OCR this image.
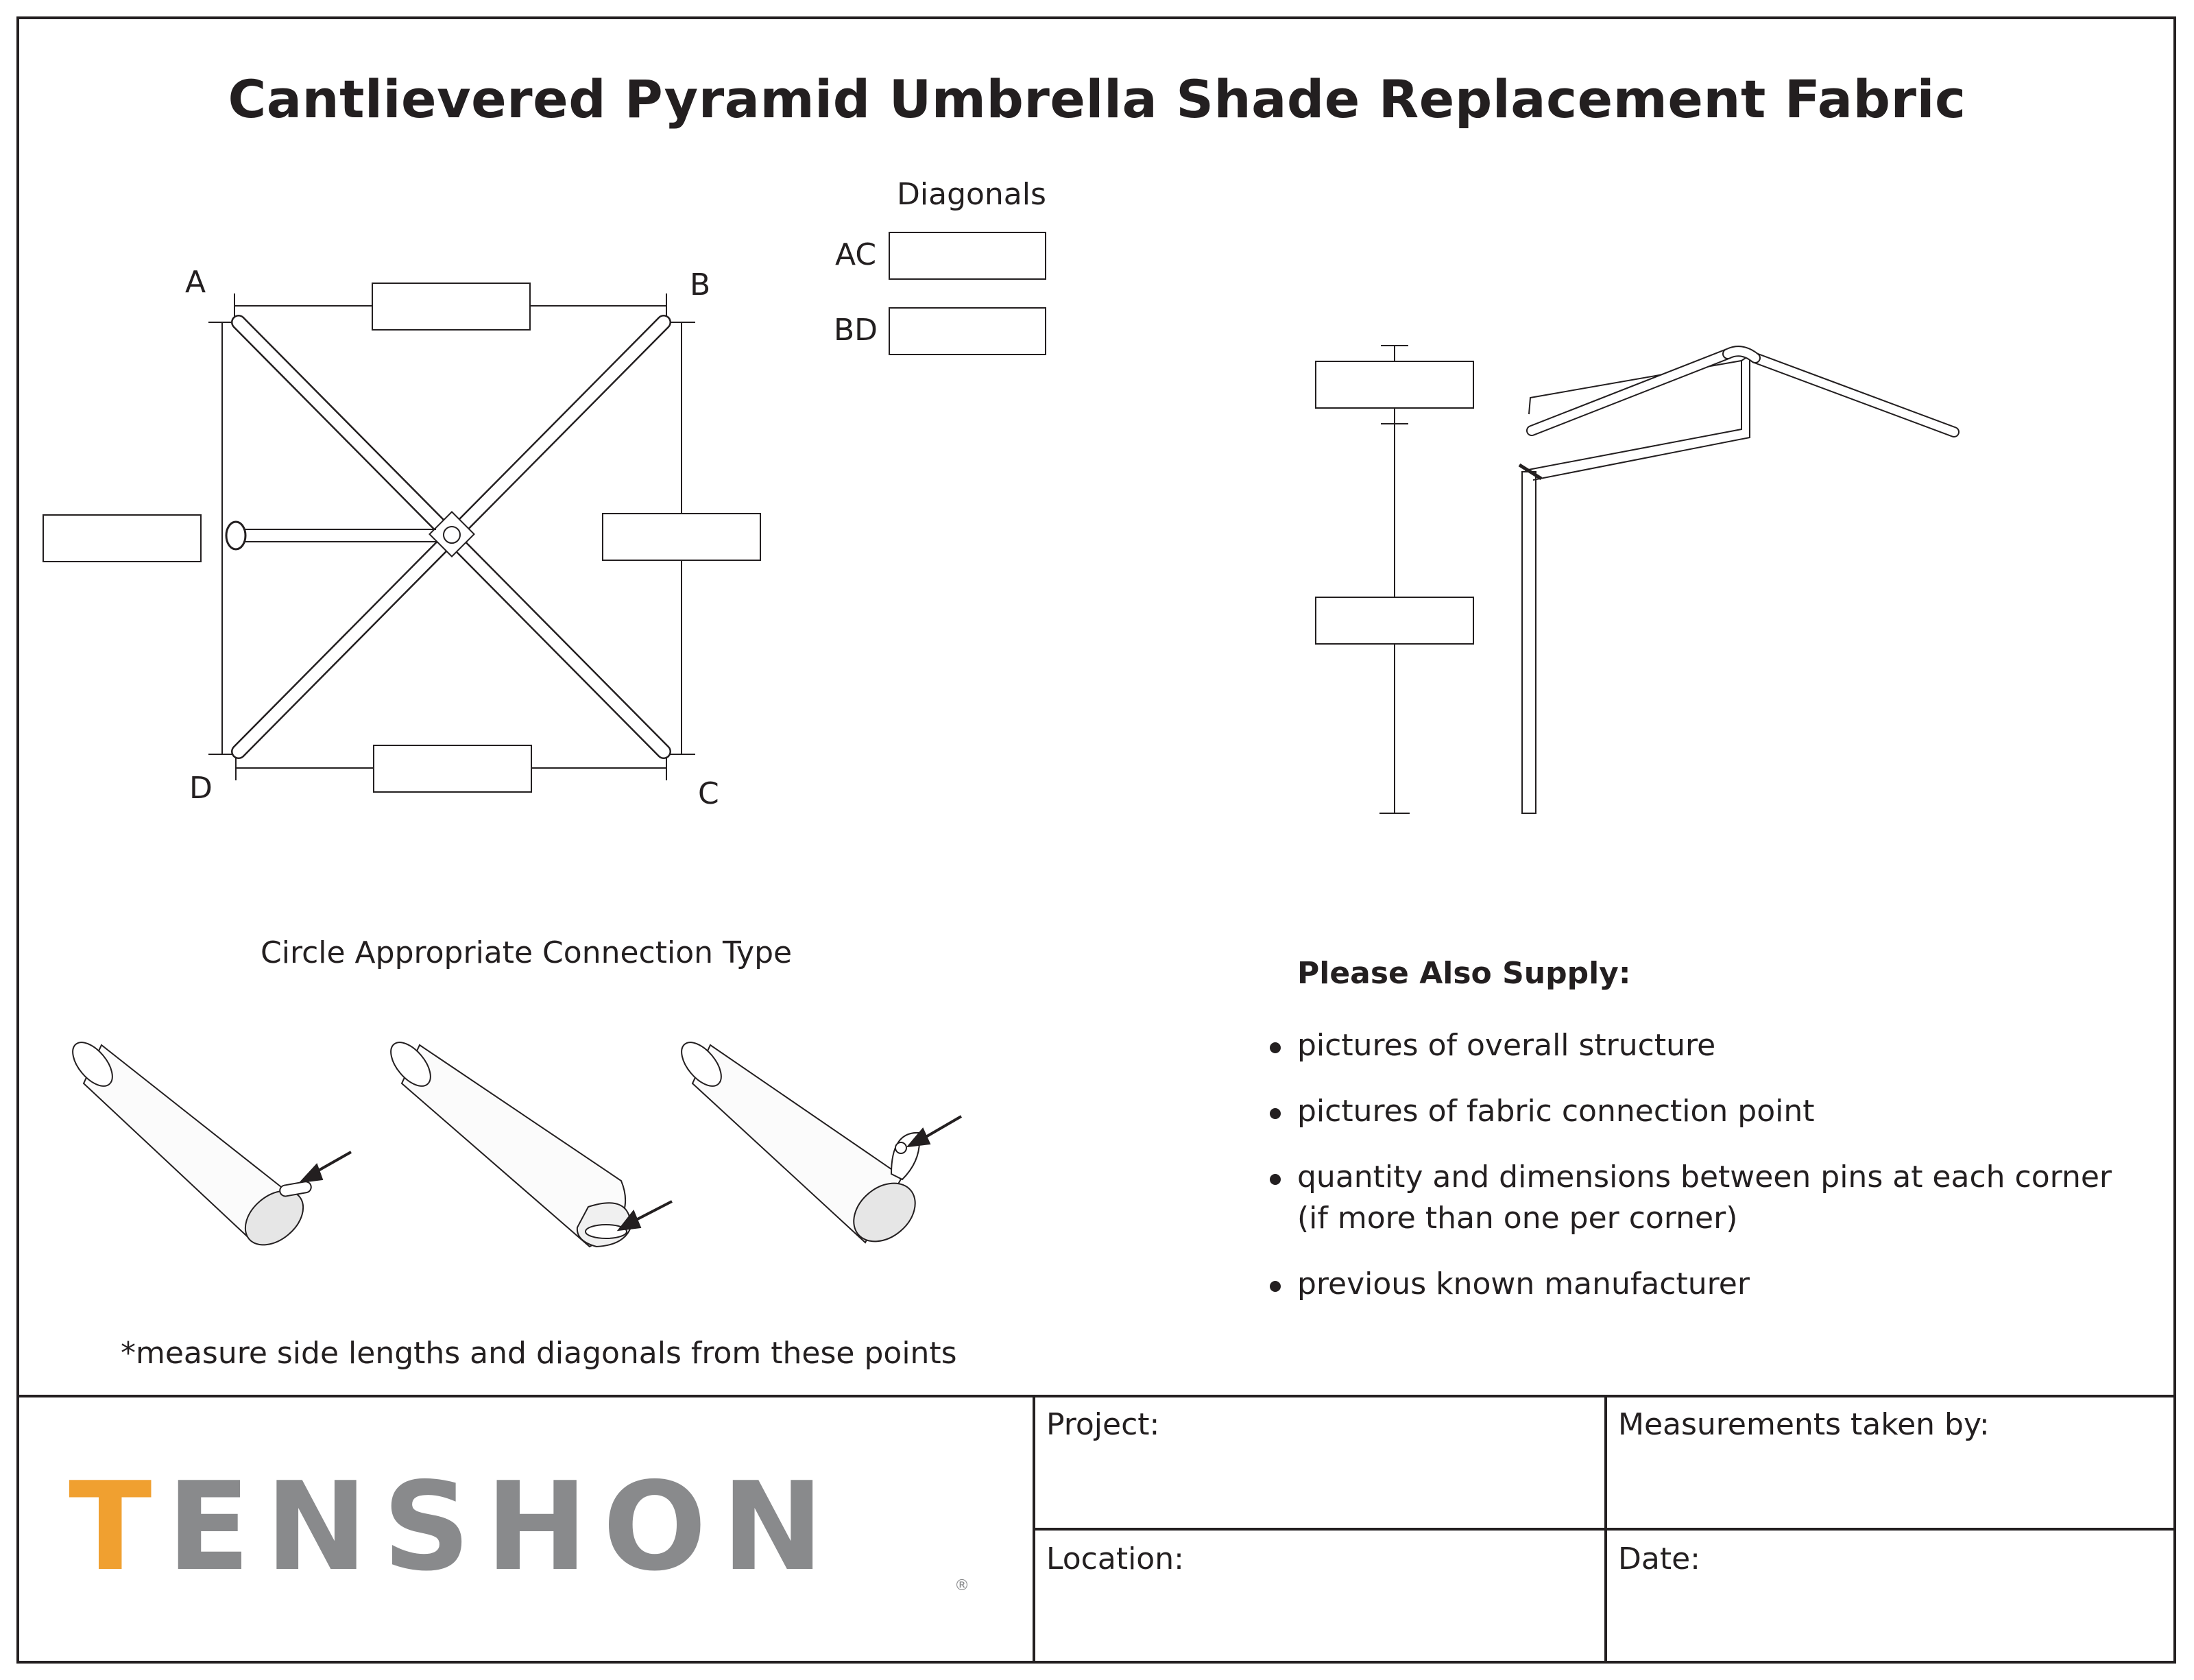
Cantlievered Pyramid Umbrella Shade Replacement Fabric
Diagonals
AC
BD
A	B
C
D
Circle Appropriate Connection Type
*measure side lengths and diagonals from these points
Please Also Supply:
pictures of overall structure
pictures of fabric connection point
quantity and dimensions between pins at each corner
(if more than one per corner)
previous known manufacturer
Project:	Measurements taken by:
Location:	Date:
TENSHON	®
